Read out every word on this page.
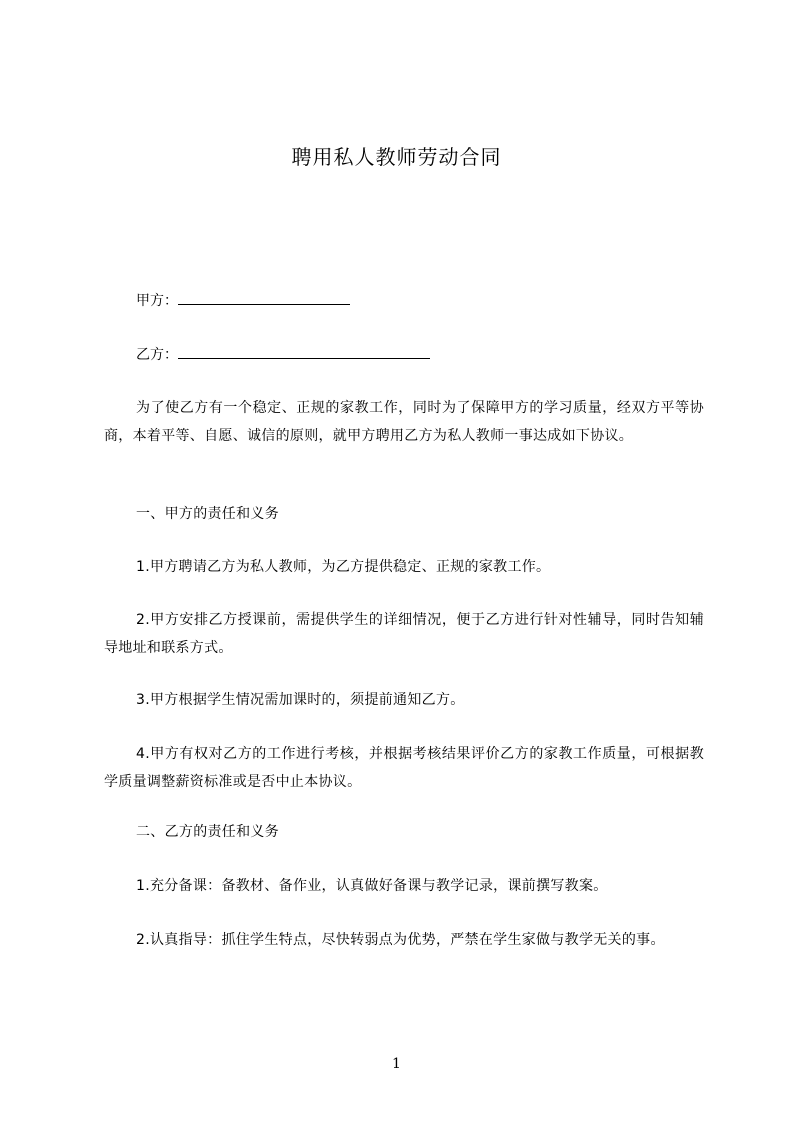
聘用私人教师劳动合同
甲方：
乙方：

为了使乙方有一个稳定、正规的家教工作，同时为了保障甲方的学习质量，经双方平等协商，本着平等、自愿、诚信的原则，就甲方聘用乙方为私人教师一事达成如下协议。

一、甲方的责任和义务

1.甲方聘请乙方为私人教师，为乙方提供稳定、正规的家教工作。

2.甲方安排乙方授课前，需提供学生的详细情况，便于乙方进行针对性辅导，同时告知辅导地址和联系方式。

3.甲方根据学生情况需加课时的，须提前通知乙方。

4.甲方有权对乙方的工作进行考核，并根据考核结果评价乙方的家教工作质量，可根据教学质量调整薪资标准或是否中止本协议。

二、乙方的责任和义务

1.充分备课：备教材、备作业，认真做好备课与教学记录，课前撰写教案。

2.认真指导：抓住学生特点，尽快转弱点为优势，严禁在学生家做与教学无关的事。

1
